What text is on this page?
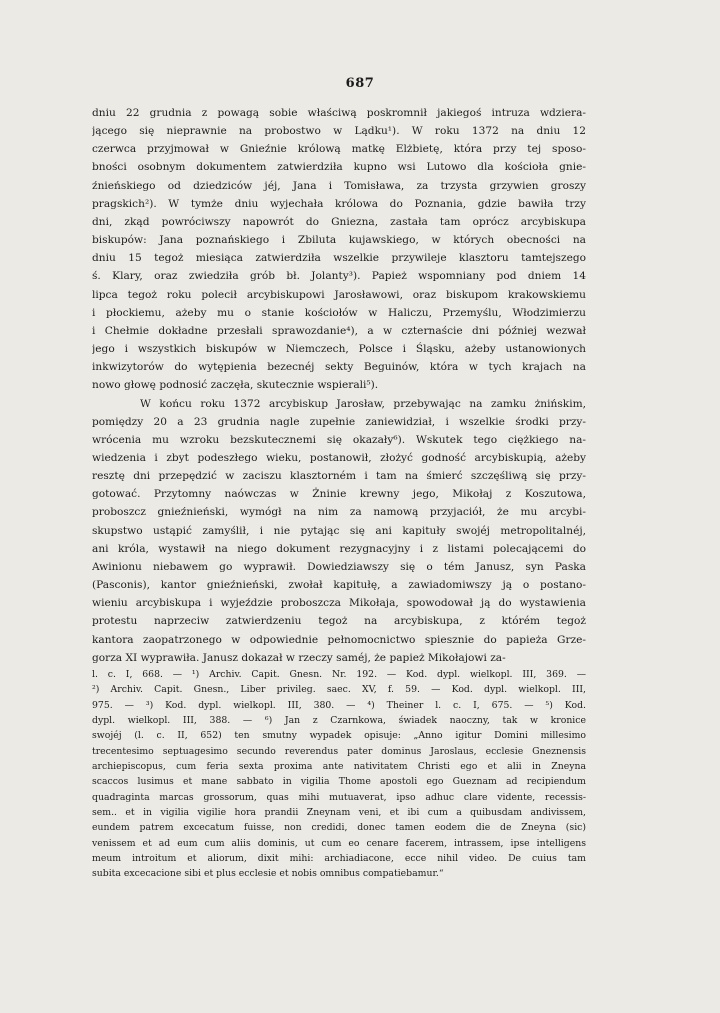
687
dniu 22 grudnia z powagą sobie właściwą poskromnił jakiegoś intruza wdziera-
jącego się nieprawnie na probostwo w Lądku¹). W roku 1372 na dniu 12
czerwca przyjmował w Gnieźnie królową matkę Elżbietę, która przy tej sposo-
bności osobnym dokumentem zatwierdziła kupno wsi Lutowo dla kościoła gnie-
źnieńskiego od dziedziców jéj, Jana i Tomisława, za trzysta grzywien groszy
pragskich²). W tymże dniu wyjechała królowa do Poznania, gdzie bawiła trzy
dni, zkąd powróciwszy napowrót do Gniezna, zastała tam oprócz arcybiskupa
biskupów: Jana poznańskiego i Zbiluta kujawskiego, w których obecności na
dniu 15 tegoż miesiąca zatwierdziła wszelkie przywileje klasztoru tamtejszego
ś. Klary, oraz zwiedziła grób bł. Jolanty³). Papież wspomniany pod dniem 14
lipca tegoż roku polecił arcybiskupowi Jarosławowi, oraz biskupom krakowskiemu
i płockiemu, ażeby mu o stanie kościołów w Haliczu, Przemyślu, Włodzimierzu
i Chełmie dokładne przesłali sprawozdanie⁴), a w czternaście dni później wezwał
jego i wszystkich biskupów w Niemczech, Polsce i Śląsku, ażeby ustanowionych
inkwizytorów do wytępienia bezecnéj sekty Beguinów, która w tych krajach na
nowo głowę podnosić zaczęła, skutecznie wspierali⁵).
W końcu roku 1372 arcybiskup Jarosław, przebywając na zamku żnińskim,
pomiędzy 20 a 23 grudnia nagle zupełnie zaniewidział, i wszelkie środki przy-
wrócenia mu wzroku bezskutecznemi się okazały⁶). Wskutek tego ciężkiego na-
wiedzenia i zbyt podeszłego wieku, postanowił, złożyć godność arcybiskupią, ażeby
resztę dni przepędzić w zaciszu klasztorném i tam na śmierć szczęśliwą się przy-
gotować. Przytomny naówczas w Żninie krewny jego, Mikołaj z Koszutowa,
proboszcz gnieźnieński, wymógł na nim za namową przyjaciół, że mu arcybi-
skupstwo ustąpić zamyślił, i nie pytając się ani kapituły swojéj metropolitalnéj,
ani króla, wystawił na niego dokument rezygnacyjny i z listami polecającemi do
Awinionu niebawem go wyprawił. Dowiedziawszy się o tém Janusz, syn Paska
(Pasconis), kantor gnieźnieński, zwołał kapitułę, a zawiadomiwszy ją o postano-
wieniu arcybiskupa i wyjeździe proboszcza Mikołaja, spowodował ją do wystawienia
protestu naprzeciw zatwierdzeniu tegoż na arcybiskupa, z którém tegoż
kantora zaopatrzonego w odpowiednie pełnomocnictwo spiesznie do papieża Grze-
gorza XI wyprawiła. Janusz dokazał w rzeczy saméj, że papież Mikołajowi za-
l. c. I, 668. — ¹) Archiv. Capit. Gnesn. Nr. 192. — Kod. dypl. wielkopl. III, 369. —
²) Archiv. Capit. Gnesn., Liber privileg. saec. XV, f. 59. — Kod. dypl. wielkopl. III,
975. — ³) Kod. dypl. wielkopl. III, 380. — ⁴) Theiner l. c. I, 675. — ⁵) Kod.
dypl. wielkopl. III, 388. — ⁶) Jan z Czarnkowa, świadek naoczny, tak w kronice
swojéj (l. c. II, 652) ten smutny wypadek opisuje: „Anno igitur Domini millesimo
trecentesimo septuagesimo secundo reverendus pater dominus Jaroslaus, ecclesie Gneznensis
archiepiscopus, cum feria sexta proxima ante nativitatem Christi ego et alii in Zneyna
scaccos lusimus et mane sabbato in vigilia Thome apostoli ego Gueznam ad recipiendum
quadraginta marcas grossorum, quas mihi mutuaverat, ipso adhuc clare vidente, recessis-
sem.. et in vigilia vigilie hora prandii Zneynam veni, et ibi cum a quibusdam andivissem,
eundem patrem excecatum fuisse, non credidi, donec tamen eodem die de Zneyna (sic)
venissem et ad eum cum aliis dominis, ut cum eo cenare facerem, intrassem, ipse intelligens
meum introitum et aliorum, dixit mihi: archiadiacone, ecce nihil video. De cuius tam
subita excecacione sibi et plus ecclesie et nobis omnibus compatiebamur.“
